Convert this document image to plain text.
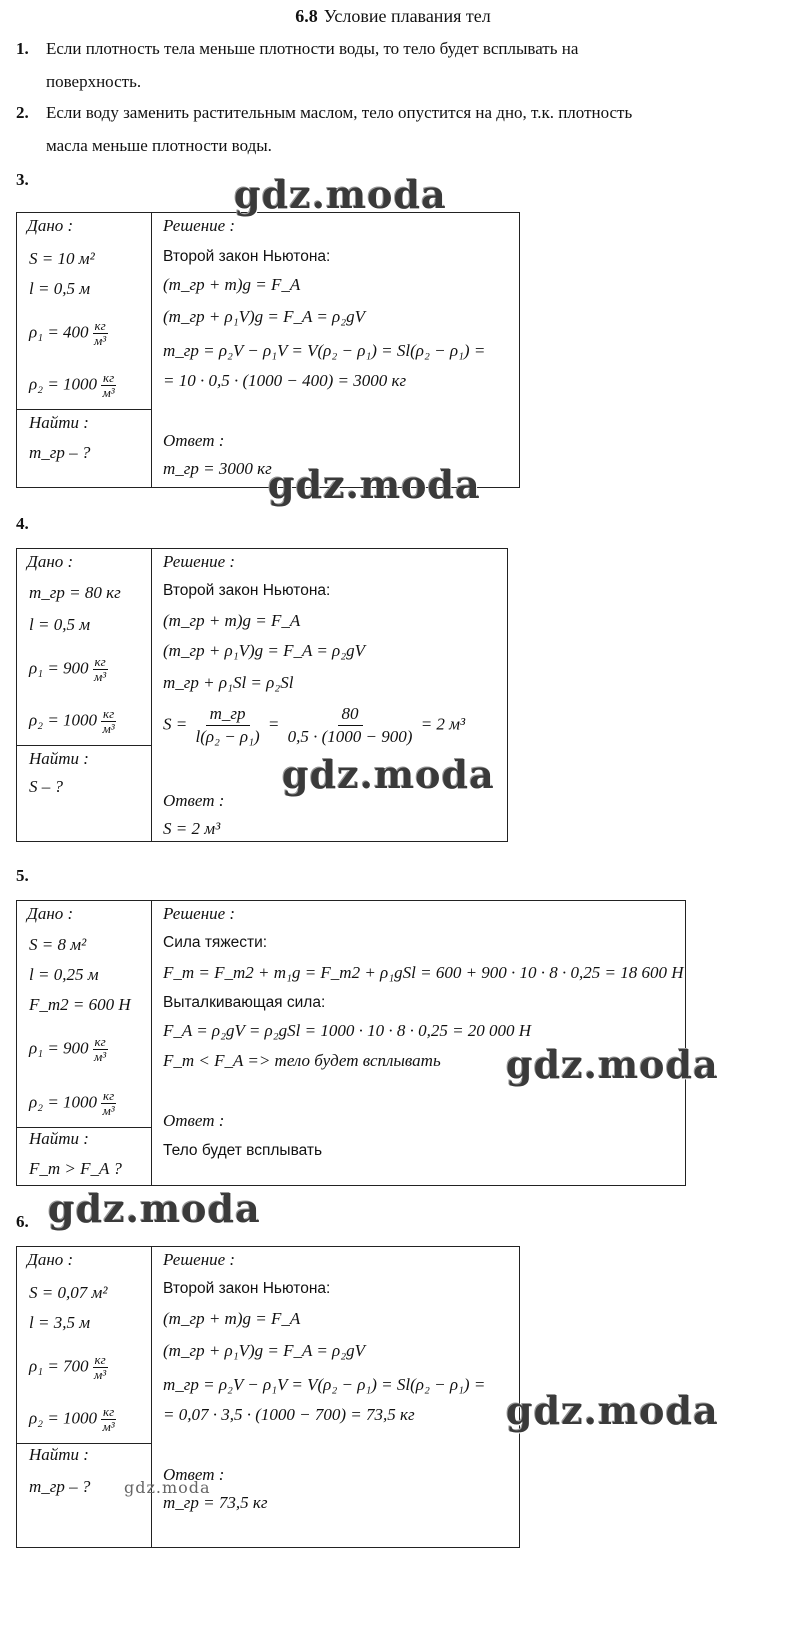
6.8 Условие плавания тел
1. Если плотность тела меньше плотности воды, то тело будет всплывать на
поверхность.
2. Если воду заменить растительным маслом, тело опустится на дно, т.к. плотность
масла меньше плотности воды.
3.
Дано :
S = 10 м²
l = 0,5 м
$\rho_1 = 400 \frac{кг}{\text{м³}}$
$\rho_2 = 1000 \frac{кг}{\text{м³}}$
Найти :
m_гр – ?
Решение :
Второй закон Ньютона:
(m_гр + m)g = F_A
(m_гр + ρ₁V)g = F_A = ρ₂gV
m_гр = ρ₂V − ρ₁V = V(ρ₂ − ρ₁) = Sl(ρ₂ − ρ₁) =
= 10 · 0,5 · (1000 − 400) = 3000 кг
Ответ :
m_гр = 3000 кг
4.
Дано :
m_гр = 80 кг
l = 0,5 м
$\rho_1 = 900 \frac{кг}{\text{м³}}$
$\rho_2 = 1000 \frac{кг}{\text{м³}}$
Найти :
S – ?
Решение :
Второй закон Ньютона:
(m_гр + m)g = F_A
(m_гр + ρ₁V)g = F_A = ρ₂gV
m_гр + ρ₁Sl = ρ₂Sl
S =
m_гр
l(ρ₂ − ρ₁)
= $\frac{80}{0,5 \cdot (1000 - 900)} = 2$ м³
Ответ :
S = 2 м³
5.
Дано :
S = 8 м²
l = 0,25 м
F_m2 = 600 Н
$\rho_1 = 900 \frac{кг}{\text{м³}}$
$\rho_2 = 1000 \frac{кг}{\text{м³}}$
Найти :
F_m > F_A ?
Решение :
Сила тяжести:
F_m = F_m2 + m₁g = F_m2 + ρ₁gSl = 600 + 900 · 10 · 8 · 0,25 = 18 600 Н
Выталкивающая сила:
F_A = ρ₂gV = ρ₂gSl = 1000 · 10 · 8 · 0,25 = 20 000 Н
F_m < F_A => тело будет всплывать
Ответ :
Тело будет всплывать
6.
Дано :
S = 0,07 м²
l = 3,5 м
$\rho_1 = 700 \frac{кг}{\text{м³}}$
$\rho_2 = 1000 \frac{кг}{\text{м³}}$
Найти :
m_гр – ?
Решение :
Второй закон Ньютона:
(m_гр + m)g = F_A
(m_гр + ρ₁V)g = F_A = ρ₂gV
m_гр = ρ₂V − ρ₁V = V(ρ₂ − ρ₁) = Sl(ρ₂ − ρ₁) =
= 0,07 · 3,5 · (1000 − 700) = 73,5 кг
Ответ :
m_гр = 73,5 кг
gdz.moda
gdz.moda
gdz.moda
gdz.moda
gdz.moda
gdz.moda
gdz.moda
